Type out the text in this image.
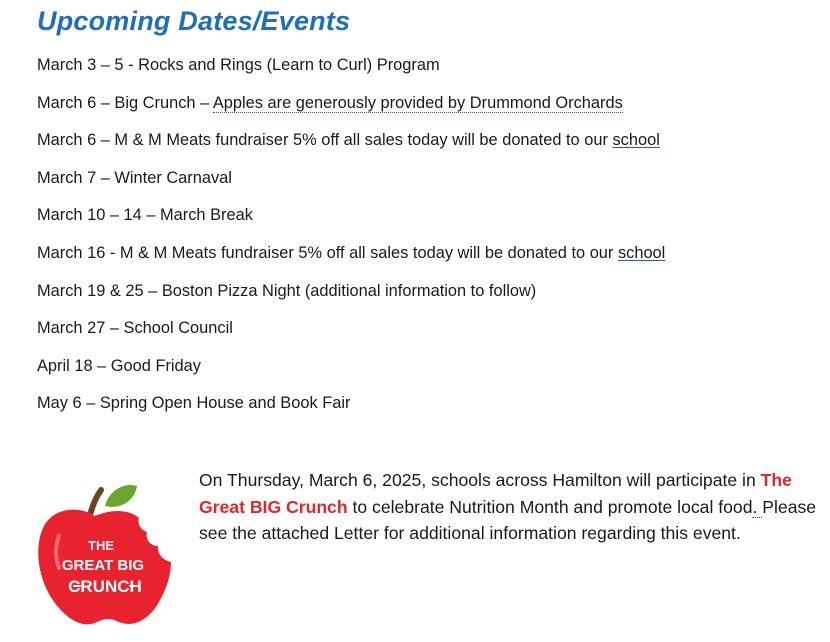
Upcoming Dates/Events
March 3 – 5 - Rocks and Rings (Learn to Curl) Program
March 6 – Big Crunch – Apples are generously provided by Drummond Orchards
March 6 – M & M Meats fundraiser 5% off all sales today will be donated to our school
March 7 – Winter Carnaval
March 10 – 14 – March Break
March 16 - M & M Meats fundraiser 5% off all sales today will be donated to our school
March 19 & 25 – Boston Pizza Night (additional information to follow)
March 27 – School Council
April 18 – Good Friday
May 6 – Spring Open House and Book Fair
THE
GREAT BIG
CRUNCH

On Thursday, March 6, 2025, schools across Hamilton will participate in The Great BIG Crunch to celebrate Nutrition Month and promote local food. Please see the attached Letter for additional information regarding this event.
